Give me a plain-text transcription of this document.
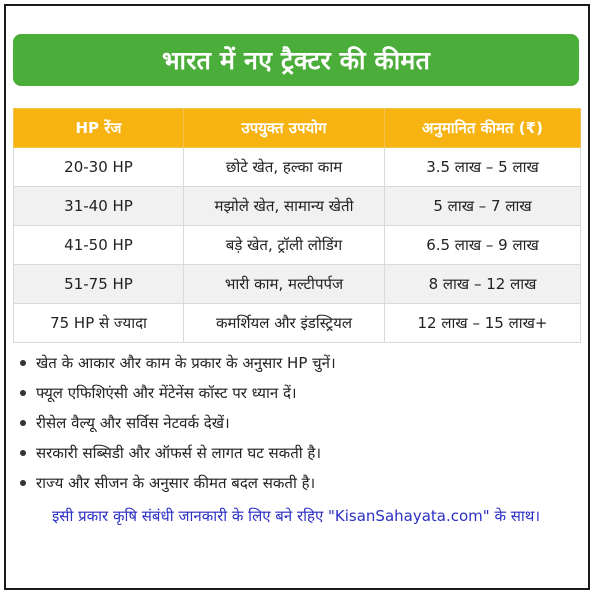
भारत में नए ट्रैक्टर की कीमत
HP रेंज	उपयुक्त उपयोग	अनुमानित कीमत (₹)
20-30 HP	छोटे खेत, हल्का काम	3.5 लाख – 5 लाख
31-40 HP	मझोले खेत, सामान्य खेती	5 लाख – 7 लाख
41-50 HP	बड़े खेत, ट्रॉली लोडिंग	6.5 लाख – 9 लाख
51-75 HP	भारी काम, मल्टीपर्पज	8 लाख – 12 लाख
75 HP से ज्यादा	कमर्शियल और इंडस्ट्रियल	12 लाख – 15 लाख+
खेत के आकार और काम के प्रकार के अनुसार HP चुनें।
फ्यूल एफिशिएंसी और मेंटेनेंस कॉस्ट पर ध्यान दें।
रीसेल वैल्यू और सर्विस नेटवर्क देखें।
सरकारी सब्सिडी और ऑफर्स से लागत घट सकती है।
राज्य और सीजन के अनुसार कीमत बदल सकती है।
इसी प्रकार कृषि संबंधी जानकारी के लिए बने रहिए "KisanSahayata.com" के साथ।
